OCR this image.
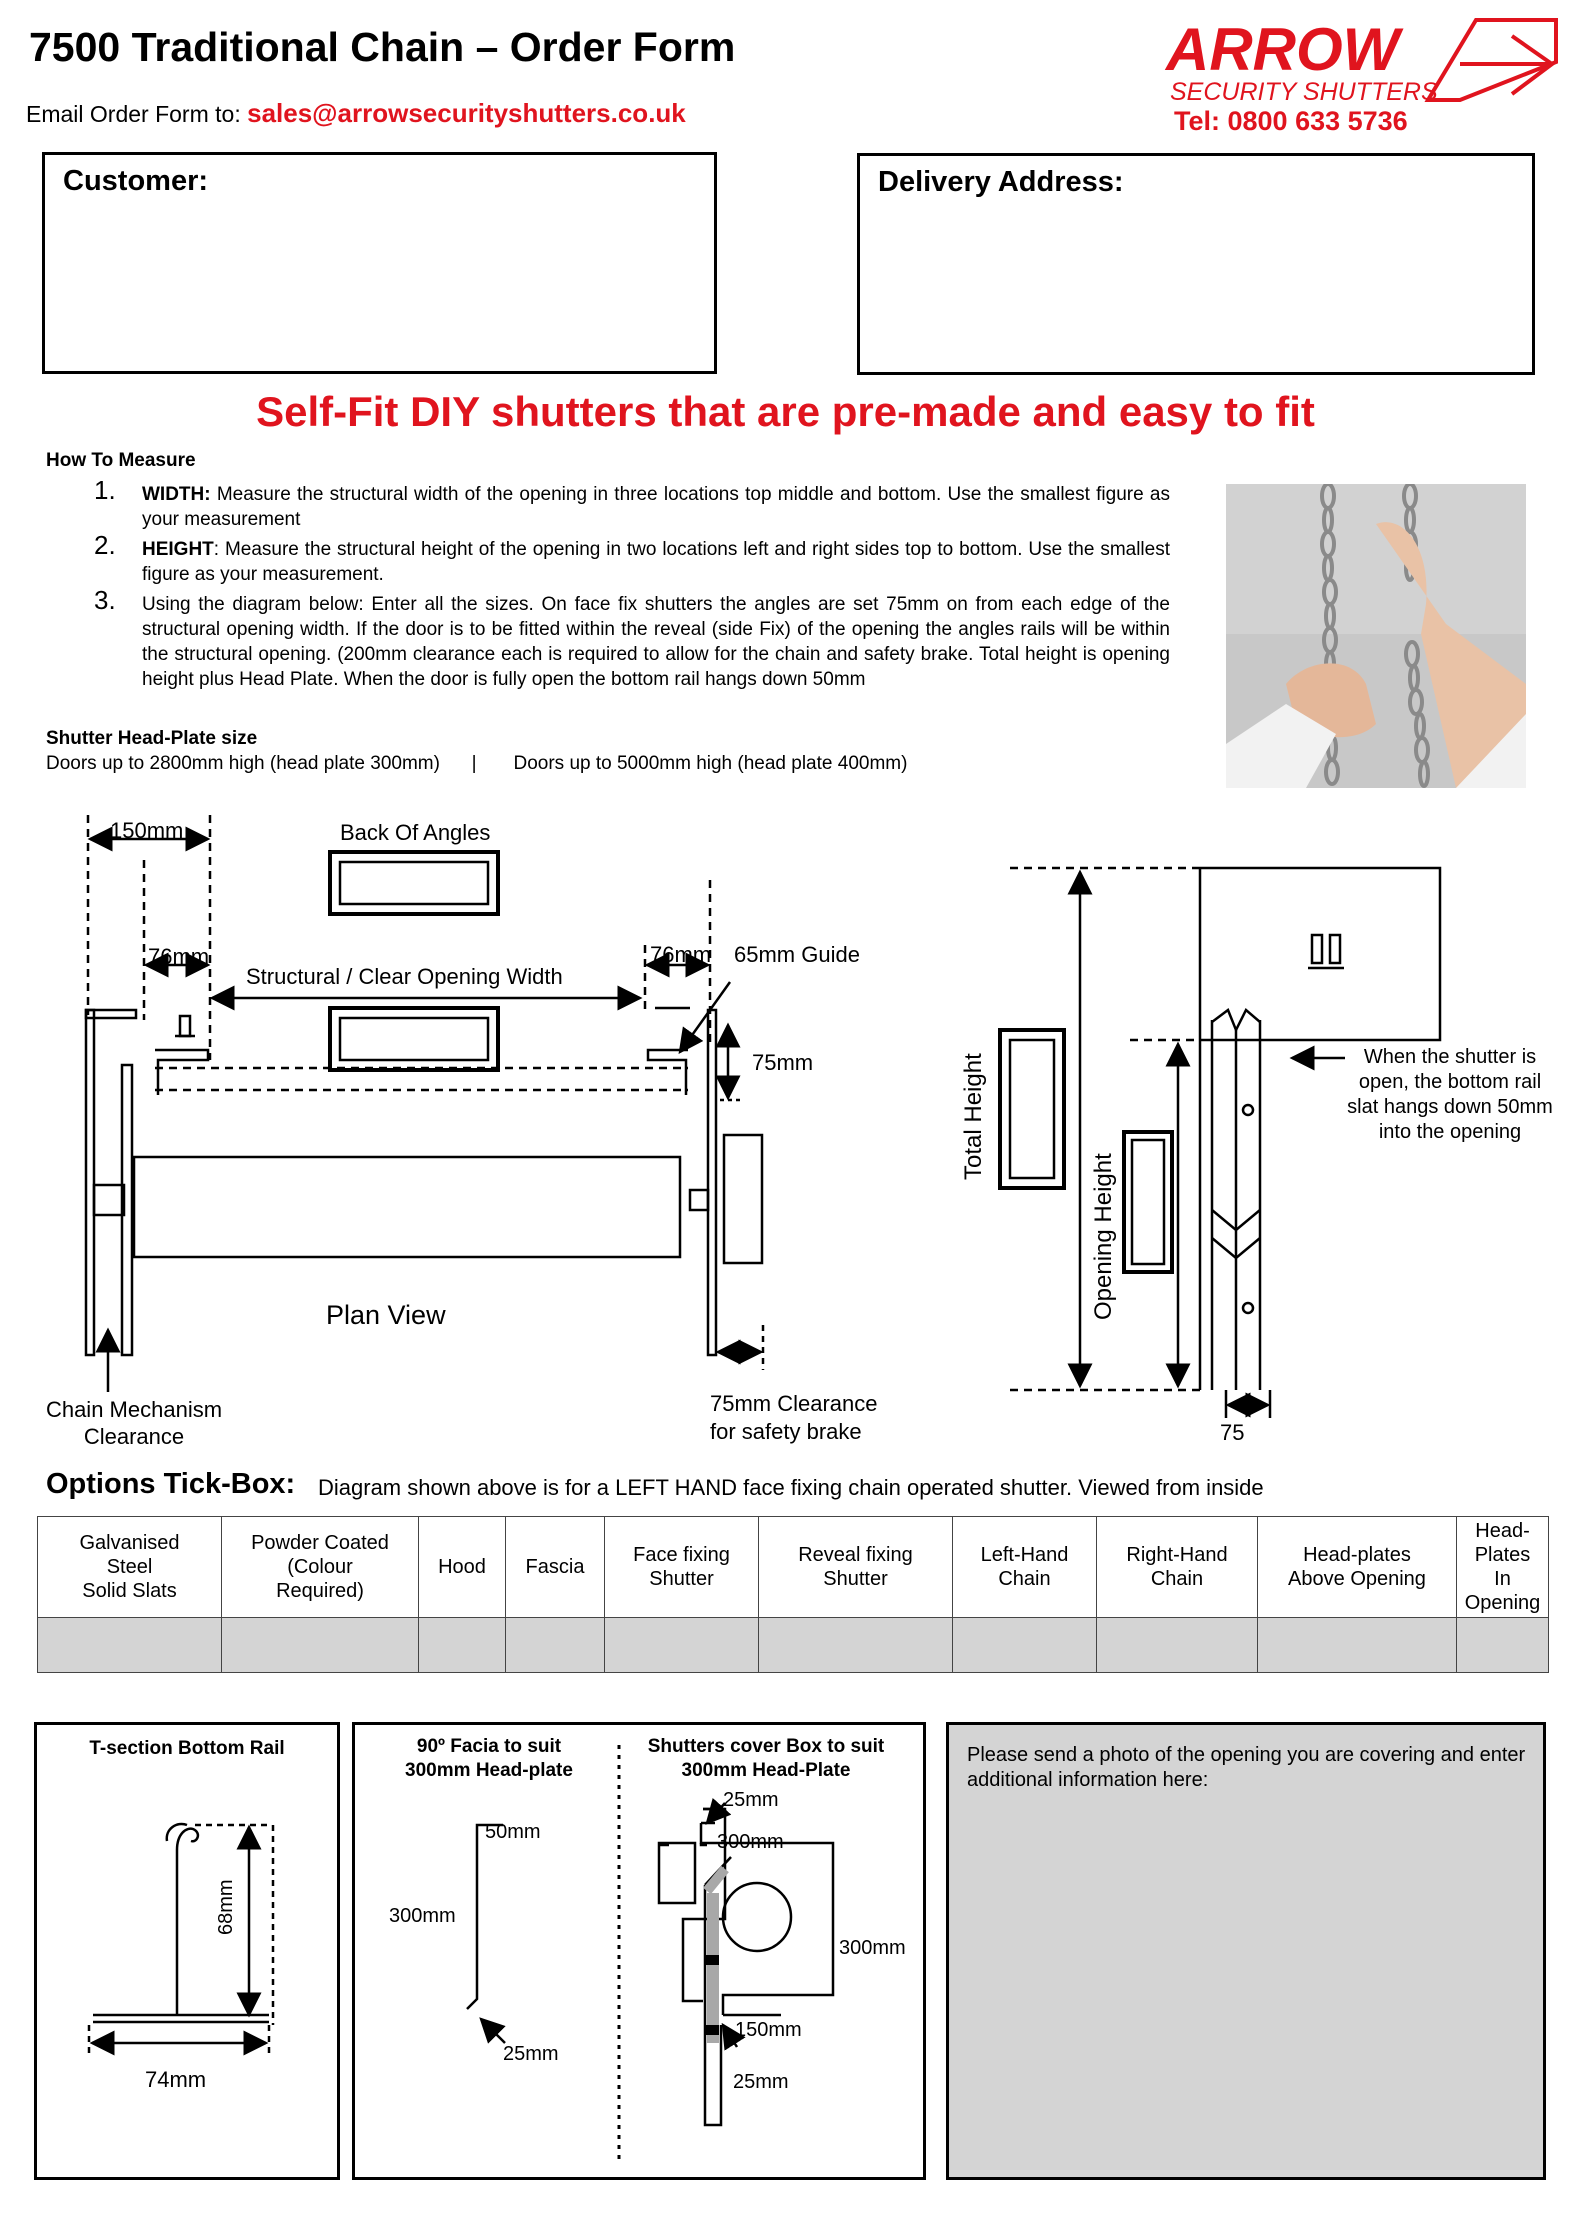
7500 Traditional Chain – Order Form
Email Order Form to: sales@arrowsecurityshutters.co.uk
ARROW
SECURITY SHUTTERS
Tel: 0800 633 5736
Customer:	Delivery Address:
Self-Fit DIY shutters that are pre-made and easy to fit
How To Measure
1. WIDTH: Measure the structural width of the opening in three locations top middle and bottom. Use the smallest figure as your measurement
2. HEIGHT: Measure the structural height of the opening in two locations left and right sides top to bottom. Use the smallest figure as your measurement.
3. Using the diagram below: Enter all the sizes. On face fix shutters the angles are set 75mm on from each edge of the structural opening width. If the door is to be fitted within the reveal (side Fix) of the opening the angles rails will be within the structural opening. (200mm clearance each is required to allow for the chain and safety brake. Total height is opening height plus Head Plate. When the door is fully open the bottom rail hangs down 50mm
Shutter Head-Plate size
Doors up to 2800mm high (head plate 300mm)      |       Doors up to 5000mm high (head plate 400mm)
150mm	Back Of Angles
76mm	76mm 65mm Guide
Structural / Clear Opening Width
75mm
Plan View
Chain Mechanism
Clearance
75mm Clearance
for safety brake
Total Height
Opening Height
When the shutter is
open, the bottom rail
slat hangs down 50mm
into the opening
75
Options Tick-Box: Diagram shown above is for a LEFT HAND face fixing chain operated shutter. Viewed from inside
Galvanised
Steel
Solid Slats	Powder Coated
(Colour
Required)	Hood	Fascia	Face fixing
Shutter	Reveal fixing
Shutter	Left-Hand
Chain	Right-Hand
Chain	Head-plates
Above Opening	Head-Plates
In Opening

T-section Bottom Rail
68mm
74mm
90º Facia to suit
300mm Head-plate
Shutters cover Box to suit
300mm Head-Plate
50mm
300mm
25mm
25mm
300mm
300mm
150mm
25mm
Please send a photo of the opening you are covering and enter additional information here:
